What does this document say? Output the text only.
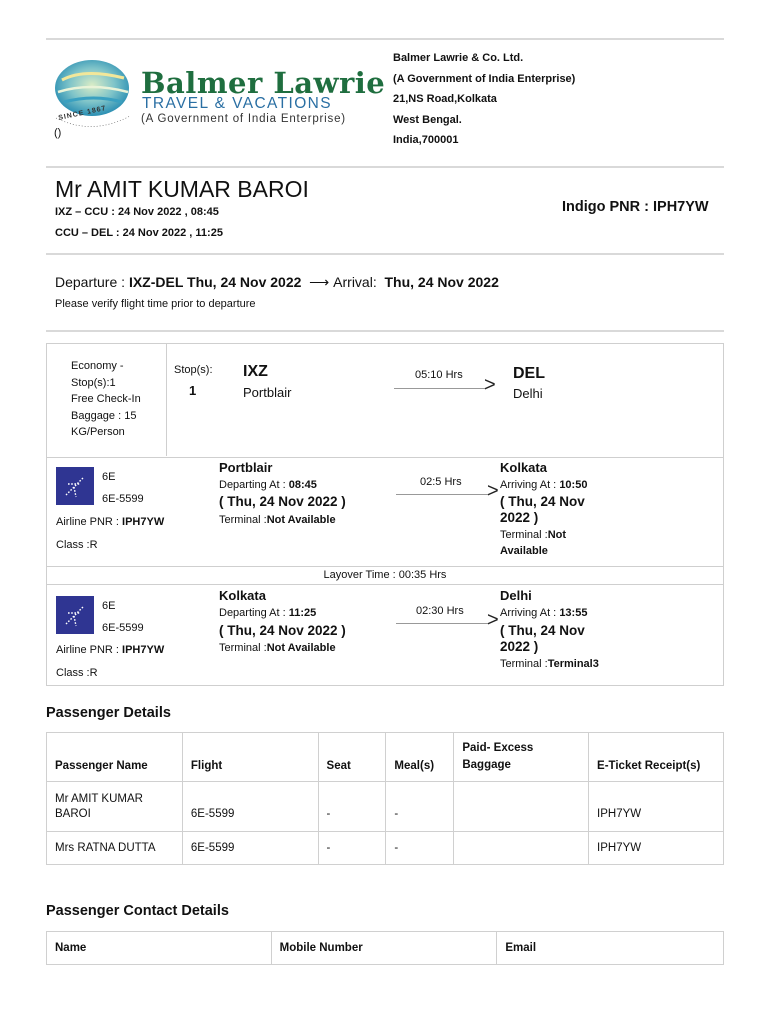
SINCE 1867
Balmer Lawrie
TRAVEL & VACATIONS
(A Government of India Enterprise)
()
Balmer Lawrie & Co. Ltd.
(A Government of India Enterprise)
21,NS Road,Kolkata
West Bengal.
India,700001
Mr AMIT KUMAR BAROI
IXZ – CCU : 24 Nov 2022 , 08:45
CCU – DEL : 24 Nov 2022 , 11:25
Indigo PNR : IPH7YW
Departure : IXZ-DEL Thu, 24 Nov 2022  ⟶ Arrival: Thu, 24 Nov 2022
Please verify flight time prior to departure
Economy -
Stop(s):1
Free Check-In
Baggage : 15
KG/Person
Stop(s):
1
IXZ
Portblair
05:10 Hrs >
DEL
Delhi
6E
6E-5599
Airline PNR : IPH7YW
Class :R
Portblair
Departing At : 08:45
( Thu, 24 Nov 2022 )
Terminal :Not Available
02:5 Hrs >
Kolkata
Arriving At : 10:50
( Thu, 24 Nov
2022 )
Terminal :Not
Available
Layover Time : 00:35 Hrs
6E
6E-5599
Airline PNR : IPH7YW
Class :R
Kolkata
Departing At : 11:25
( Thu, 24 Nov 2022 )
Terminal :Not Available
02:30 Hrs >
Delhi
Arriving At : 13:55
( Thu, 24 Nov
2022 )
Terminal :Terminal3
Passenger Details
Passenger Name	Flight	Seat	Meal(s)	Paid- Excess Baggage	E-Ticket Receipt(s)
Mr AMIT KUMAR BAROI	6E-5599	-	-		IPH7YW
Mrs RATNA DUTTA	6E-5599	-	-		IPH7YW
Passenger Contact Details
Name	Mobile Number	Email
